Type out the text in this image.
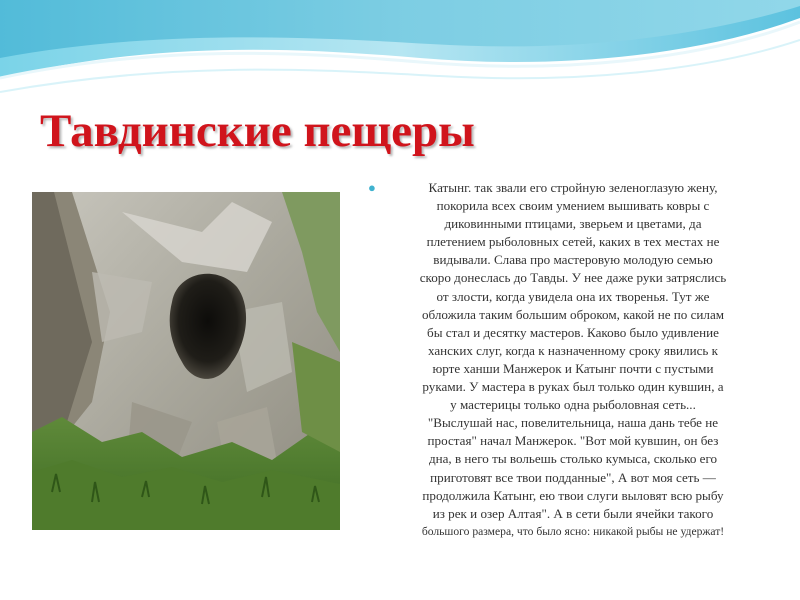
Тавдинские пещеры
●	Катынг. так звали его стройную зеленоглазую жену,
покорила всех своим умением вышивать ковры с
диковинными птицами, зверьем и цветами, да
плетением рыболовных сетей, каких в тех местах не
видывали. Слава про мастеровую молодую семью
скоро донеслась до Тавды. У нее даже руки затряслись
от злости, когда увидела она их творенья. Тут же
обложила таким большим оброком, какой не по силам
бы стал и десятку мастеров. Каково было удивление
ханских слуг, когда к назначенному сроку явились к
юрте ханши Манжерок и Катынг почти с пустыми
руками. У мастера в руках был только один кувшин, а
у мастерицы только одна рыболовная сеть...
"Выслушай нас, повелительница, наша дань тебе не
простая" начал Манжерок. "Вот мой кувшин, он без
дна, в него ты вольешь столько кумыса, сколько его
приготовят все твои подданные", А вот моя сеть —
продолжила Катынг, ею твои слуги выловят всю рыбу
из рек и озер Алтая". А в сети были ячейки такого
большого размера, что было ясно: никакой рыбы не удержат!
